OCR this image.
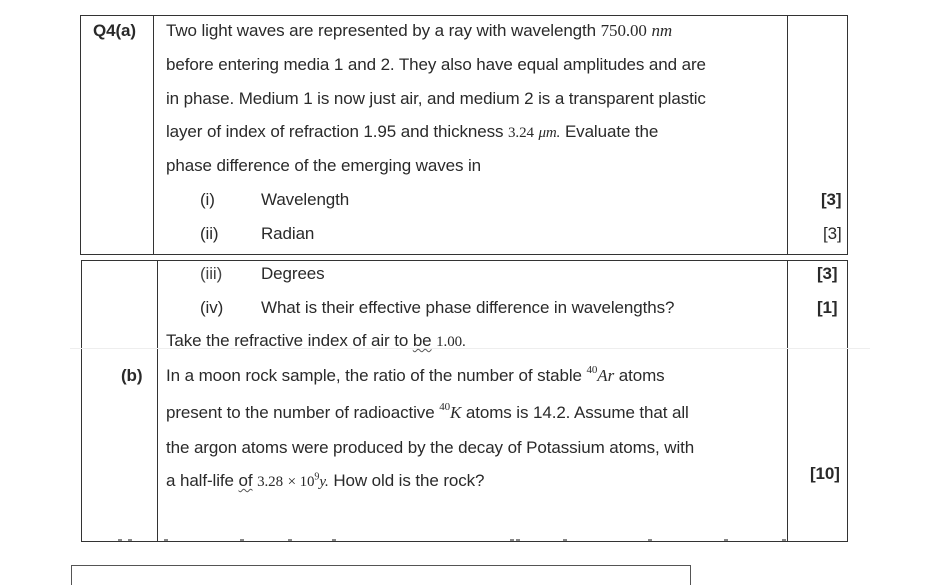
Q4(a) Two light waves are represented by a ray with wavelength 750.00 nm
before entering media 1 and 2. They also have equal amplitudes and are
in phase. Medium 1 is now just air, and medium 2 is a transparent plastic
layer of index of refraction 1.95 and thickness 3.24 μm. Evaluate the
phase difference of the emerging waves in
(i)	Wavelength	[3]
(ii)	Radian	[3]
(iii) Degrees	[3]
(iv) What is their effective phase difference in wavelengths?	[1]
Take the refractive index of air to be 1.00.
(b) In a moon rock sample, the ratio of the number of stable $^{40}$Ar atoms
present to the number of radioactive $^{40}$K atoms is 14.2. Assume that all
the argon atoms were produced by the decay of Potassium atoms, with
a half-life of $3.28 \times 10^9y$. How old is the rock?	[10]
